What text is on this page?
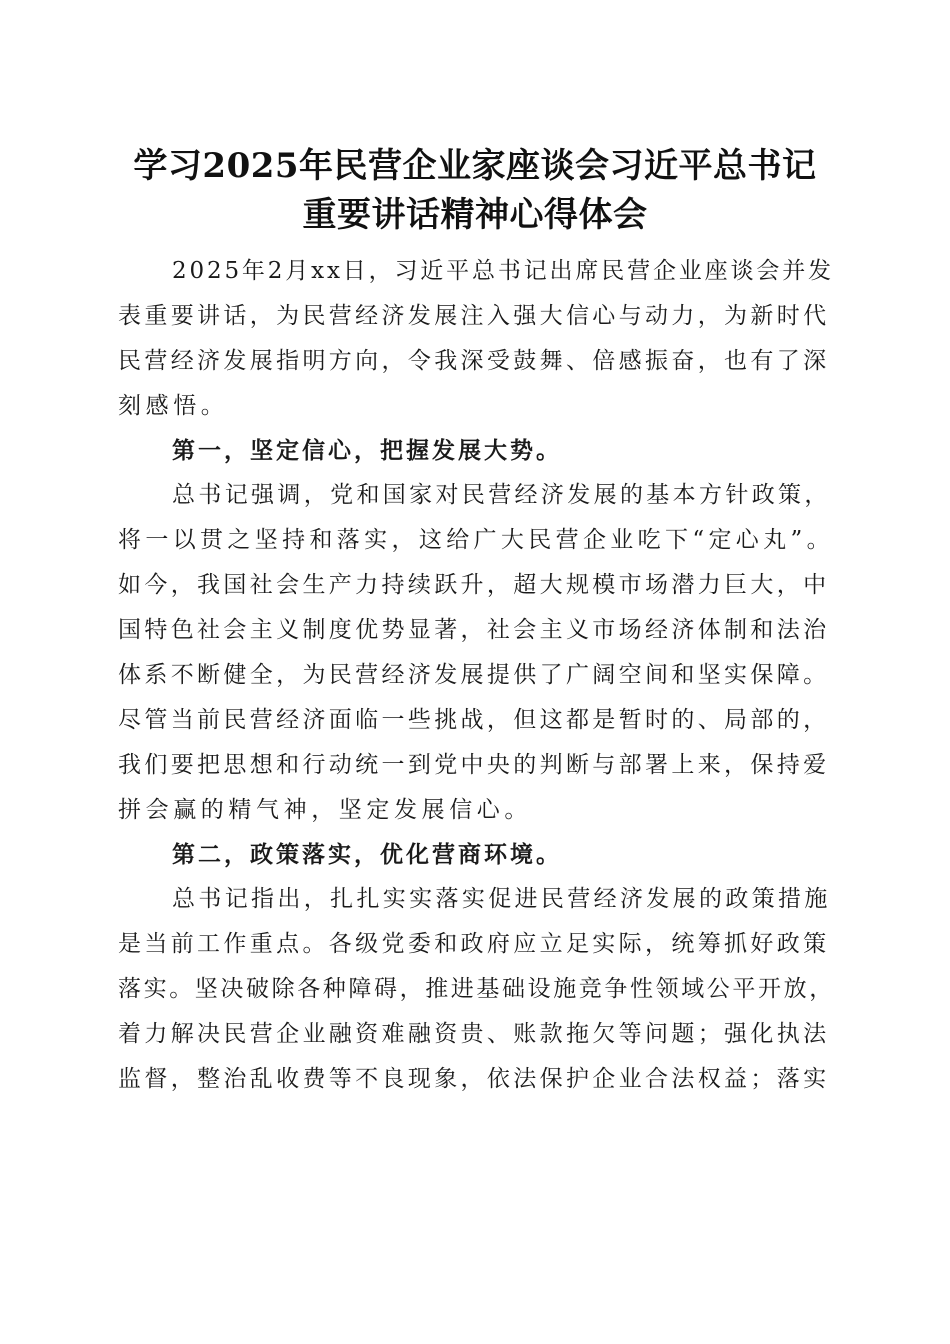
学习2025年民营企业家座谈会习近平总书记
重要讲话精神心得体会
2025年2月xx日，习近平总书记出席民营企业座谈会并发
表重要讲话，为民营经济发展注入强大信心与动力，为新时代
民营经济发展指明方向，令我深受鼓舞、倍感振奋，也有了深
刻感悟。
第一，坚定信心，把握发展大势。
总书记强调，党和国家对民营经济发展的基本方针政策，
将一以贯之坚持和落实，这给广大民营企业吃下“定心丸”。
如今，我国社会生产力持续跃升，超大规模市场潜力巨大，中
国特色社会主义制度优势显著，社会主义市场经济体制和法治
体系不断健全，为民营经济发展提供了广阔空间和坚实保障。
尽管当前民营经济面临一些挑战，但这都是暂时的、局部的，
我们要把思想和行动统一到党中央的判断与部署上来，保持爱
拼会赢的精气神，坚定发展信心。
第二，政策落实，优化营商环境。
总书记指出，扎扎实实落实促进民营经济发展的政策措施
是当前工作重点。各级党委和政府应立足实际，统筹抓好政策
落实。坚决破除各种障碍，推进基础设施竞争性领域公平开放，
着力解决民营企业融资难融资贵、账款拖欠等问题；强化执法
监督，整治乱收费等不良现象，依法保护企业合法权益；落实
